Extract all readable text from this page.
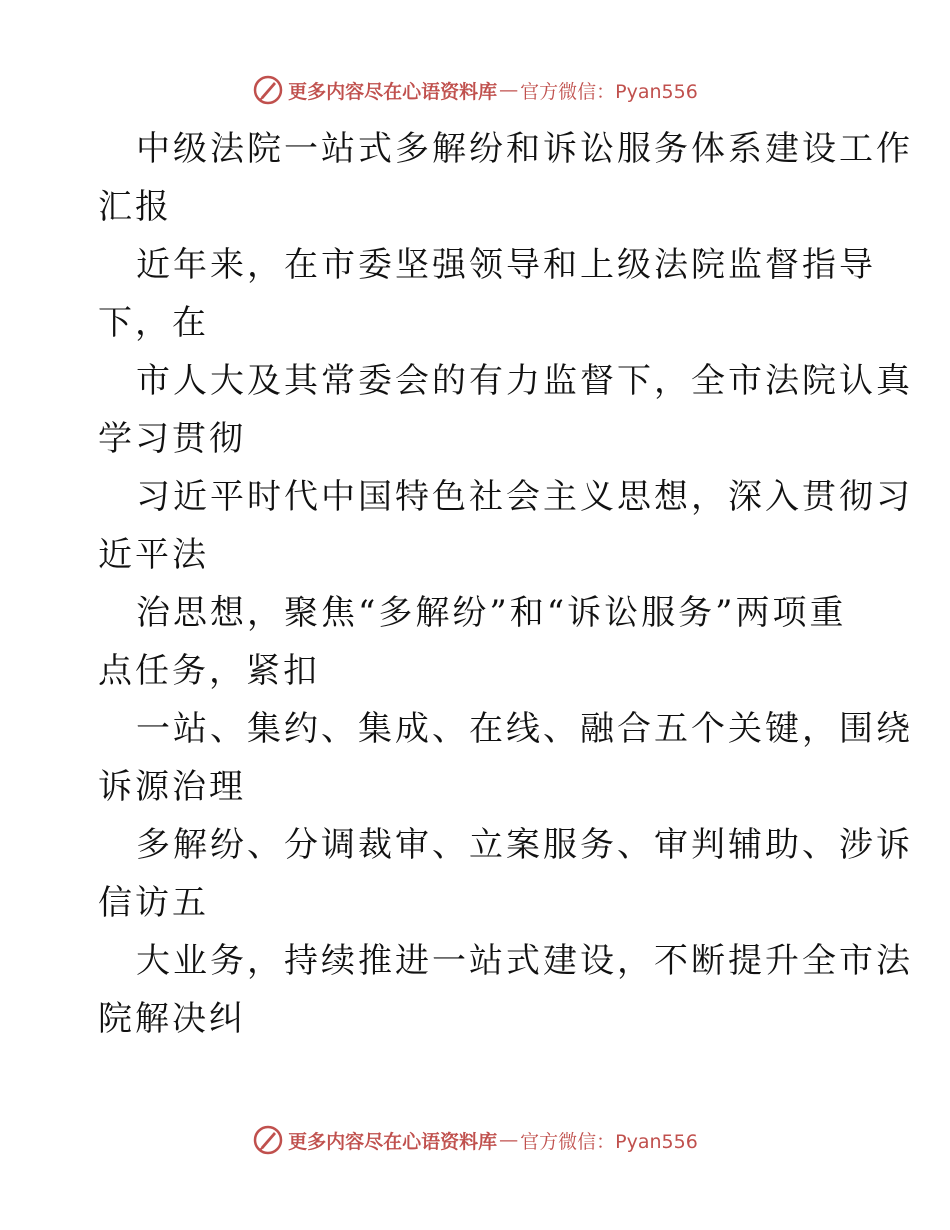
更多内容尽在心语资料库 — 官方微信：Pyan556

中级法院一站式多解纷和诉讼服务体系建设工作
汇报

近年来，在市委坚强领导和上级法院监督指导
下，在

市人大及其常委会的有力监督下，全市法院认真
学习贯彻

习近平时代中国特色社会主义思想，深入贯彻习
近平法

治思想，聚焦“多解纷”和“诉讼服务”两项重
点任务，紧扣

一站、集约、集成、在线、融合五个关键，围绕
诉源治理

多解纷、分调裁审、立案服务、审判辅助、涉诉
信访五

大业务，持续推进一站式建设，不断提升全市法
院解决纠

更多内容尽在心语资料库 — 官方微信：Pyan556
